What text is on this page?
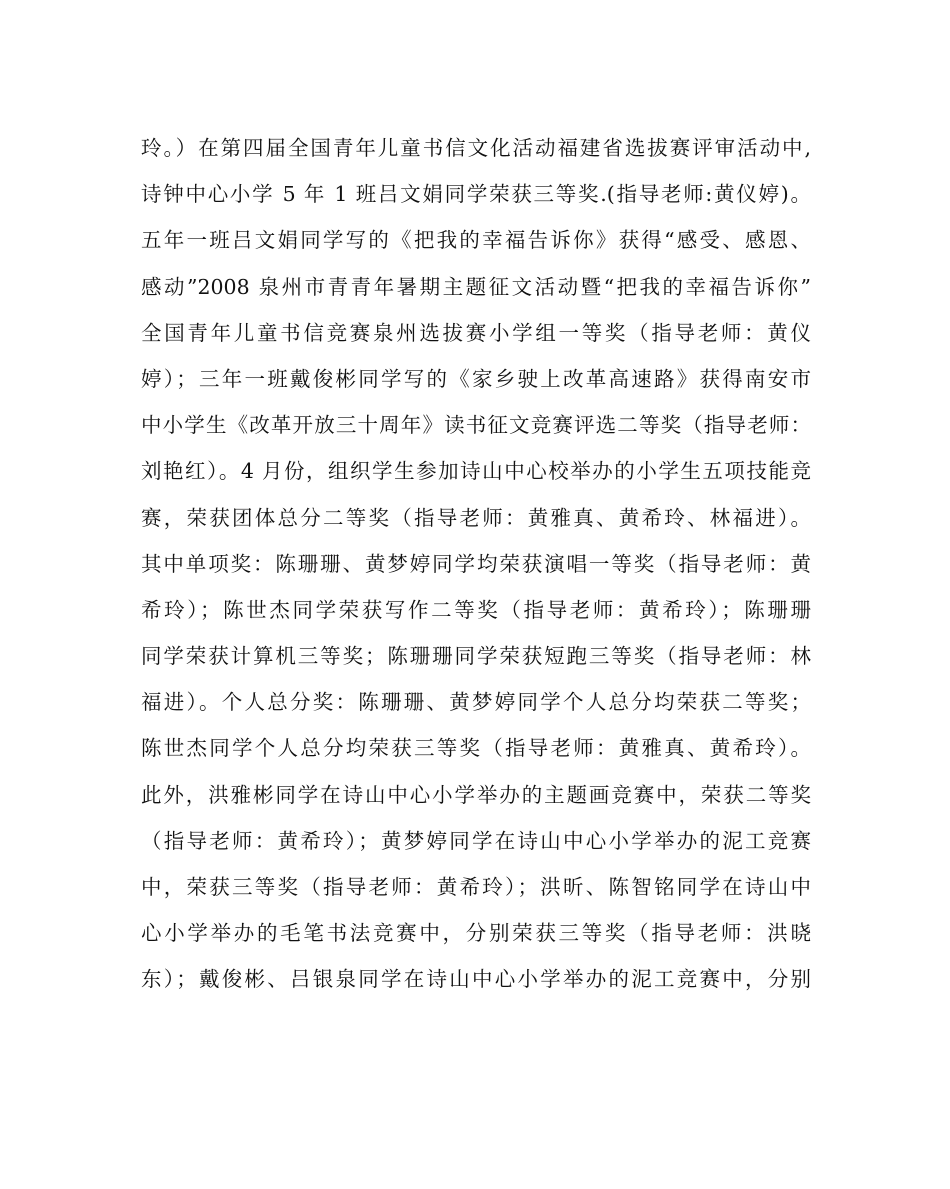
玲。）在第四届全国青年儿童书信文化活动福建省选拔赛评审活动中,
诗钟中心小学 5 年 1 班吕文娟同学荣获三等奖.(指导老师:黄仪婷)。
五年一班吕文娟同学写的《把我的幸福告诉你》获得“感受、感恩、
感动”2008 泉州市青青年暑期主题征文活动暨“把我的幸福告诉你”
全国青年儿童书信竞赛泉州选拔赛小学组一等奖（指导老师：黄仪
婷）；三年一班戴俊彬同学写的《家乡驶上改革高速路》获得南安市
中小学生《改革开放三十周年》读书征文竞赛评选二等奖（指导老师：
刘艳红）。4 月份，组织学生参加诗山中心校举办的小学生五项技能竞
赛，荣获团体总分二等奖（指导老师：黄雅真、黄希玲、林福进）。
其中单项奖：陈珊珊、黄梦婷同学均荣获演唱一等奖（指导老师：黄
希玲）；陈世杰同学荣获写作二等奖（指导老师：黄希玲）；陈珊珊
同学荣获计算机三等奖；陈珊珊同学荣获短跑三等奖（指导老师：林
福进）。个人总分奖：陈珊珊、黄梦婷同学个人总分均荣获二等奖；
陈世杰同学个人总分均荣获三等奖（指导老师：黄雅真、黄希玲）。
此外，洪雅彬同学在诗山中心小学举办的主题画竞赛中，荣获二等奖
（指导老师：黄希玲）；黄梦婷同学在诗山中心小学举办的泥工竞赛
中，荣获三等奖（指导老师：黄希玲）；洪昕、陈智铭同学在诗山中
心小学举办的毛笔书法竞赛中，分别荣获三等奖（指导老师：洪晓
东）；戴俊彬、吕银泉同学在诗山中心小学举办的泥工竞赛中，分别
